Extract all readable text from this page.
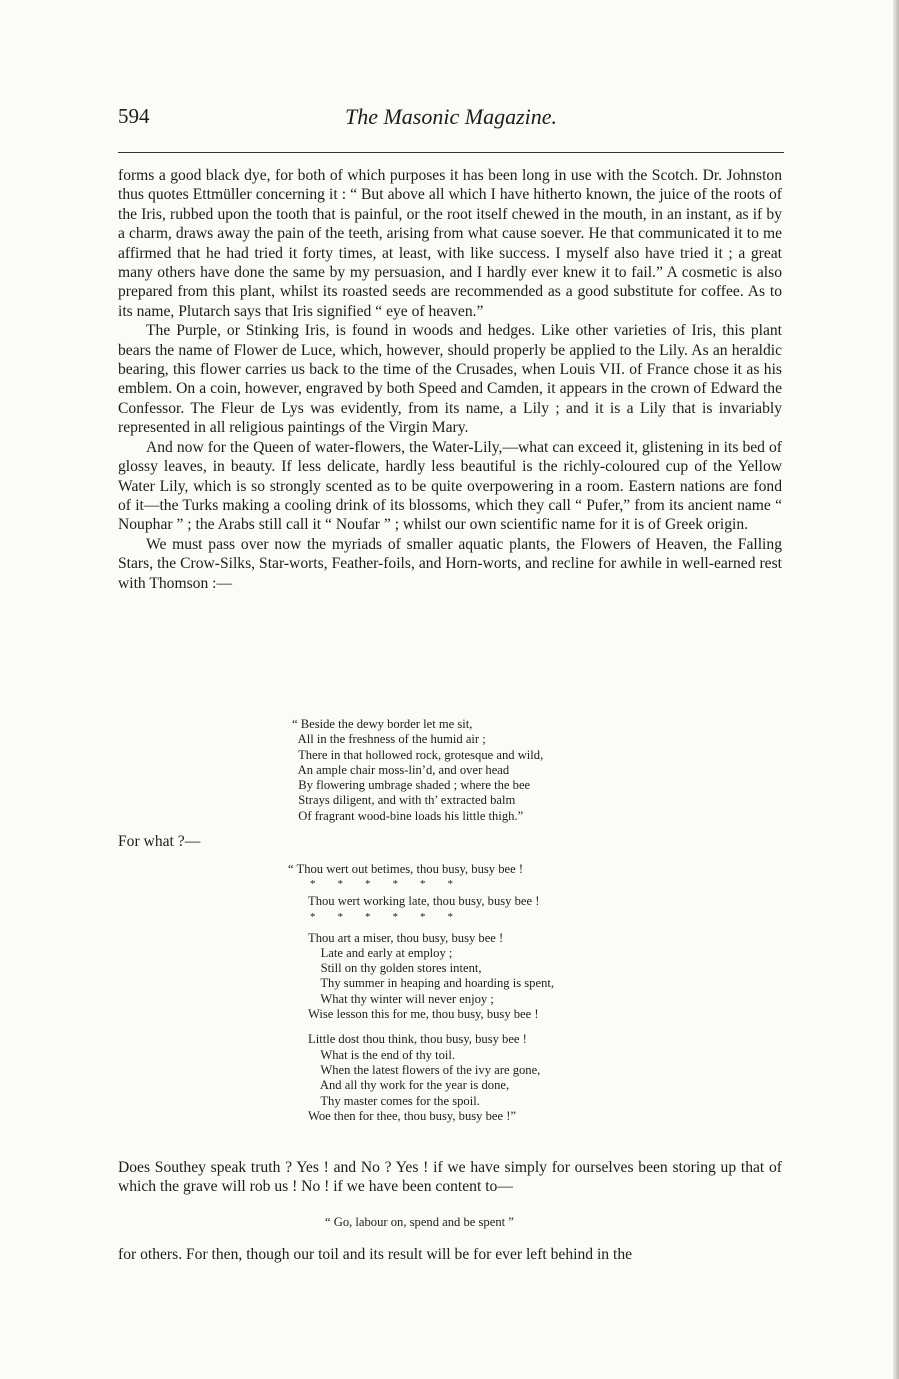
594	The Masonic Magazine.

forms a good black dye, for both of which purposes it has been long in use with the Scotch. Dr. Johnston thus quotes Ettmüller concerning it : “ But above all which I have hitherto known, the juice of the roots of the Iris, rubbed upon the tooth that is painful, or the root itself chewed in the mouth, in an instant, as if by a charm, draws away the pain of the teeth, arising from what cause soever. He that communicated it to me affirmed that he had tried it forty times, at least, with like success. I myself also have tried it ; a great many others have done the same by my persuasion, and I hardly ever knew it to fail.” A cosmetic is also prepared from this plant, whilst its roasted seeds are recommended as a good substitute for coffee. As to its name, Plutarch says that Iris signified “ eye of heaven.”

The Purple, or Stinking Iris, is found in woods and hedges. Like other varieties of Iris, this plant bears the name of Flower de Luce, which, however, should properly be applied to the Lily. As an heraldic bearing, this flower carries us back to the time of the Crusades, when Louis VII. of France chose it as his emblem. On a coin, however, engraved by both Speed and Camden, it appears in the crown of Edward the Confessor. The Fleur de Lys was evidently, from its name, a Lily ; and it is a Lily that is invariably represented in all religious paintings of the Virgin Mary.

And now for the Queen of water-flowers, the Water-Lily,—what can exceed it, glistening in its bed of glossy leaves, in beauty. If less delicate, hardly less beautiful is the richly-coloured cup of the Yellow Water Lily, which is so strongly scented as to be quite overpowering in a room. Eastern nations are fond of it—the Turks making a cooling drink of its blossoms, which they call “ Pufer,” from its ancient name “ Nouphar ” ; the Arabs still call it “ Noufar ” ; whilst our own scientific name for it is of Greek origin.

We must pass over now the myriads of smaller aquatic plants, the Flowers of Heaven, the Falling Stars, the Crow-Silks, Star-worts, Feather-foils, and Horn-worts, and recline for awhile in well-earned rest with Thomson :—

“ Beside the dewy border let me sit,
All in the freshness of the humid air ;
There in that hollowed rock, grotesque and wild,
An ample chair moss-lin’d, and over head
By flowering umbrage shaded ; where the bee
Strays diligent, and with th’ extracted balm
Of fragrant wood-bine loads his little thigh.”
For what ?—
“ Thou wert out betimes, thou busy, busy bee !
*        *        *        *        *        *
Thou wert working late, thou busy, busy bee !
*        *        *        *        *        *
Thou art a miser, thou busy, busy bee !
Late and early at employ ;
Still on thy golden stores intent,
Thy summer in heaping and hoarding is spent,
What thy winter will never enjoy ;
Wise lesson this for me, thou busy, busy bee !
Little dost thou think, thou busy, busy bee !
What is the end of thy toil.
When the latest flowers of the ivy are gone,
And all thy work for the year is done,
Thy master comes for the spoil.
Woe then for thee, thou busy, busy bee !”
Does Southey speak truth ? Yes ! and No ? Yes ! if we have simply for ourselves been storing up that of which the grave will rob us ! No ! if we have been content to—
“ Go, labour on, spend and be spent ”
for others. For then, though our toil and its result will be for ever left behind in the
